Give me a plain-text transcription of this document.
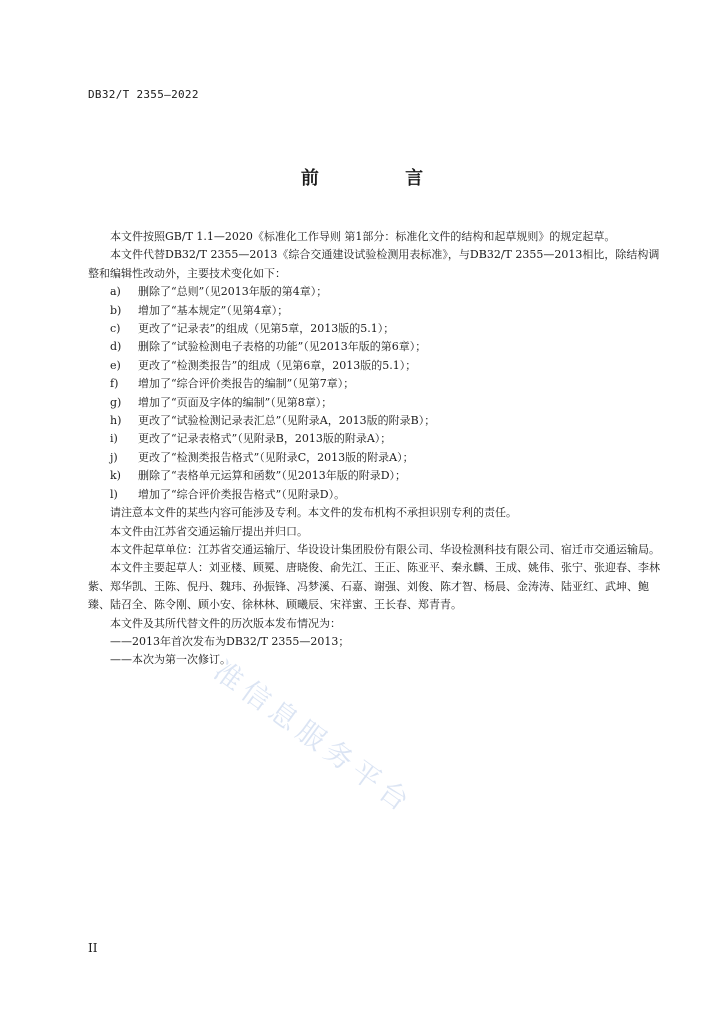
DB32/T 2355—2022
前 言

本文件按照GB/T 1.1—2020《标准化工作导则 第1部分：标准化文件的结构和起草规则》的规定起草。

本文件代替DB32/T 2355—2013《综合交通建设试验检测用表标准》，与DB32/T 2355—2013相比，除结构调整和编辑性改动外，主要技术变化如下：

a) 删除了“总则”（见2013年版的第4章）；
b) 增加了“基本规定”（见第4章）；
c) 更改了“记录表”的组成（见第5章，2013版的5.1）；
d) 删除了“试验检测电子表格的功能”（见2013年版的第6章）；
e) 更改了“检测类报告”的组成（见第6章，2013版的5.1）；
f) 增加了“综合评价类报告的编制”（见第7章）；
g) 增加了“页面及字体的编制”（见第8章）；
h) 更改了“试验检测记录表汇总”（见附录A，2013版的附录B）；
i) 更改了“记录表格式”（见附录B，2013版的附录A）；
j) 更改了“检测类报告格式”（见附录C，2013版的附录A）；
k) 删除了“表格单元运算和函数”（见2013年版的附录D）；
l) 增加了“综合评价类报告格式”（见附录D）。

请注意本文件的某些内容可能涉及专利。本文件的发布机构不承担识别专利的责任。

本文件由江苏省交通运输厅提出并归口。

本文件起草单位：江苏省交通运输厅、华设设计集团股份有限公司、华设检测科技有限公司、宿迁市交通运输局。

本文件主要起草人：刘亚楼、顾冕、唐晓俊、俞先江、王正、陈亚平、秦永麟、王成、姚伟、张宁、张迎春、李林紫、郑华凯、王陈、倪丹、魏玮、孙振锋、冯梦溪、石嘉、谢强、刘俊、陈才智、杨晨、金涛涛、陆亚红、武坤、鲍臻、陆召全、陈令刚、顾小安、徐林林、顾曦辰、宋祥蜜、王长春、郑青青。

本文件及其所代替文件的历次版本发布情况为：

——2013年首次发布为DB32/T 2355—2013；

——本次为第一次修订。

准信息服务平台
II
